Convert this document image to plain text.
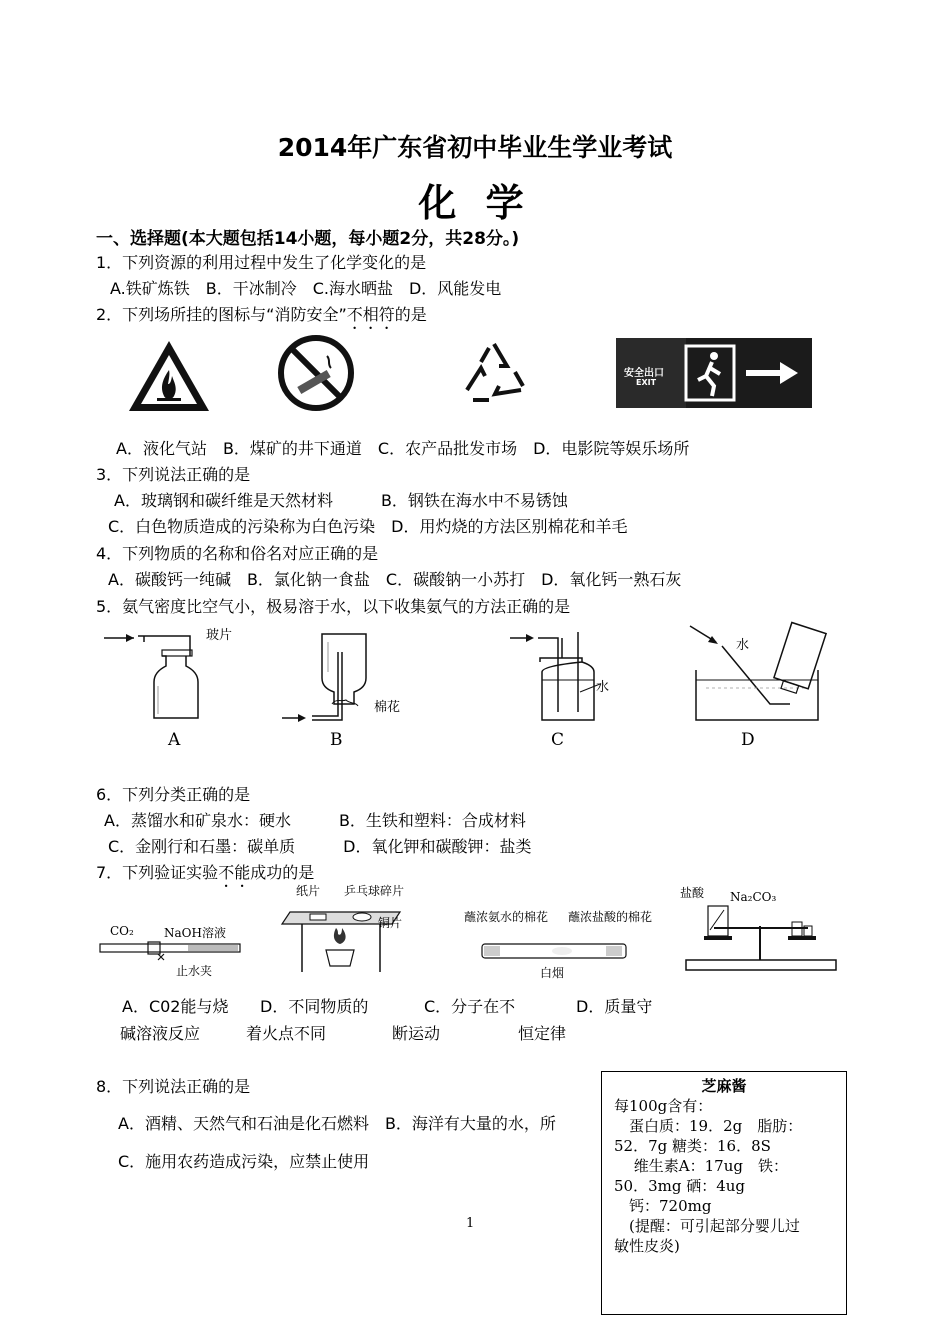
2014年广东省初中毕业生学业考试
化 学
一、选择题(本大题包括14小题，每小题2分，共28分。)
1．下列资源的利用过程中发生了化学变化的是
A.铁矿炼铁　B．干冰制冷　C.海水晒盐　D．风能发电
2．下列场所挂的图标与“消防安全”不相符的是
安全出口
EXIT
A．液化气站　B．煤矿的井下通道　C．农产品批发市场　D．电影院等娱乐场所
3．下列说法正确的是
A．玻璃钢和碳纤维是天然材料　　　B．钢铁在海水中不易锈蚀
C．白色物质造成的污染称为白色污染　D．用灼烧的方法区别棉花和羊毛
4．下列物质的名称和俗名对应正确的是
A．碳酸钙一纯碱　B．氯化钠一食盐　C．碳酸钠一小苏打　D．氧化钙一熟石灰
5．氨气密度比空气小，极易溶于水，以下收集氨气的方法正确的是
玻片
A
棉花
B
水
C
水
D
6．下列分类正确的是
A．蒸馏水和矿泉水：硬水　　　B．生铁和塑料：合成材料
C．金刚行和石墨：碳单质　　　D．氧化钾和碳酸钾：盐类
7．下列验证实验不能成功的是
CO₂	NaOH溶液
止水夹
纸片 乒乓球碎片
铜片	蘸浓氨水的棉花 蘸浓盐酸的棉花
白烟
盐酸 Na₂CO₃
A．C02能与烧
碱溶液反应
D．不同物质的
着火点不同
C．分子在不
断运动
D．质量守
恒定律
8．下列说法正确的是
A．酒精、天然气和石油是化石燃料　B．海洋有大量的水，所
C．施用农药造成污染，应禁止使用
芝麻酱
每100g含有：
　蛋白质：19．2g　脂肪：
52．7g 糖类：16．8S
　 维生素A：17ug　铁：
50．3mg 硒：4ug
　钙：720mg
　(提醒：可引起部分婴儿过
敏性皮炎)
1
